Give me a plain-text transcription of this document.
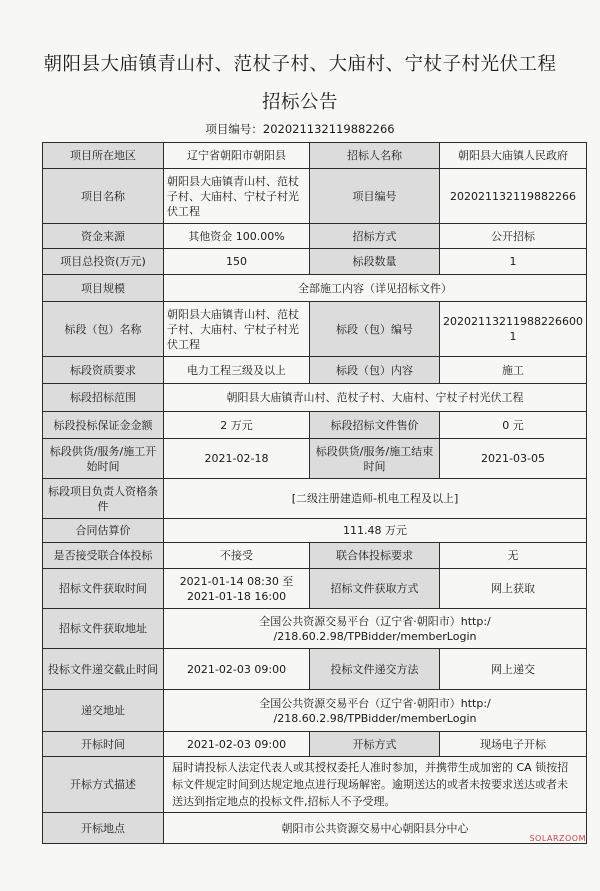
朝阳县大庙镇青山村、范杖子村、大庙村、宁杖子村光伏工程
招标公告
项目编号：202021132119882266
项目所在地区	辽宁省朝阳市朝阳县	招标人名称	朝阳县大庙镇人民政府
项目名称	朝阳县大庙镇青山村、范杖子村、大庙村、宁杖子村光伏工程	项目编号	202021132119882266
资金来源	其他资金 100.00%	招标方式	公开招标
项目总投资(万元)	150	标段数量	1
项目规模	全部施工内容（详见招标文件）		
标段（包）名称	朝阳县大庙镇青山村、范杖子村、大庙村、宁杖子村光伏工程	标段（包）编号	202021132119882266001
标段资质要求	电力工程三级及以上	标段（包）内容	施工
标段招标范围	朝阳县大庙镇青山村、范杖子村、大庙村、宁杖子村光伏工程		
标段投标保证金金额	2 万元	标段招标文件售价	0 元
标段供货/服务/施工开始时间	2021-02-18	标段供货/服务/施工结束时间	2021-03-05
标段项目负责人资格条件	[二级注册建造师-机电工程及以上]		
合同估算价	111.48 万元		
是否接受联合体投标	不接受	联合体投标要求	无
招标文件获取时间	2021-01-14 08:30 至 2021-01-18 16:00	招标文件获取方式	网上获取
招标文件获取地址	全国公共资源交易平台（辽宁省·朝阳市）http:/ /218.60.2.98/TPBidder/memberLogin		
投标文件递交截止时间	2021-02-03 09:00	投标文件递交方法	网上递交
递交地址	全国公共资源交易平台（辽宁省·朝阳市）http:/ /218.60.2.98/TPBidder/memberLogin		
开标时间	2021-02-03 09:00	开标方式	现场电子开标
开标方式描述	届时请投标人法定代表人或其授权委托人准时参加，并携带生成加密的 CA 锁按招标文件规定时间到达规定地点进行现场解密。逾期送达的或者未按要求送达或者未送达到指定地点的投标文件,招标人不予受理。		
开标地点	朝阳市公共资源交易中心朝阳县分中心		
SOLARZOOM
